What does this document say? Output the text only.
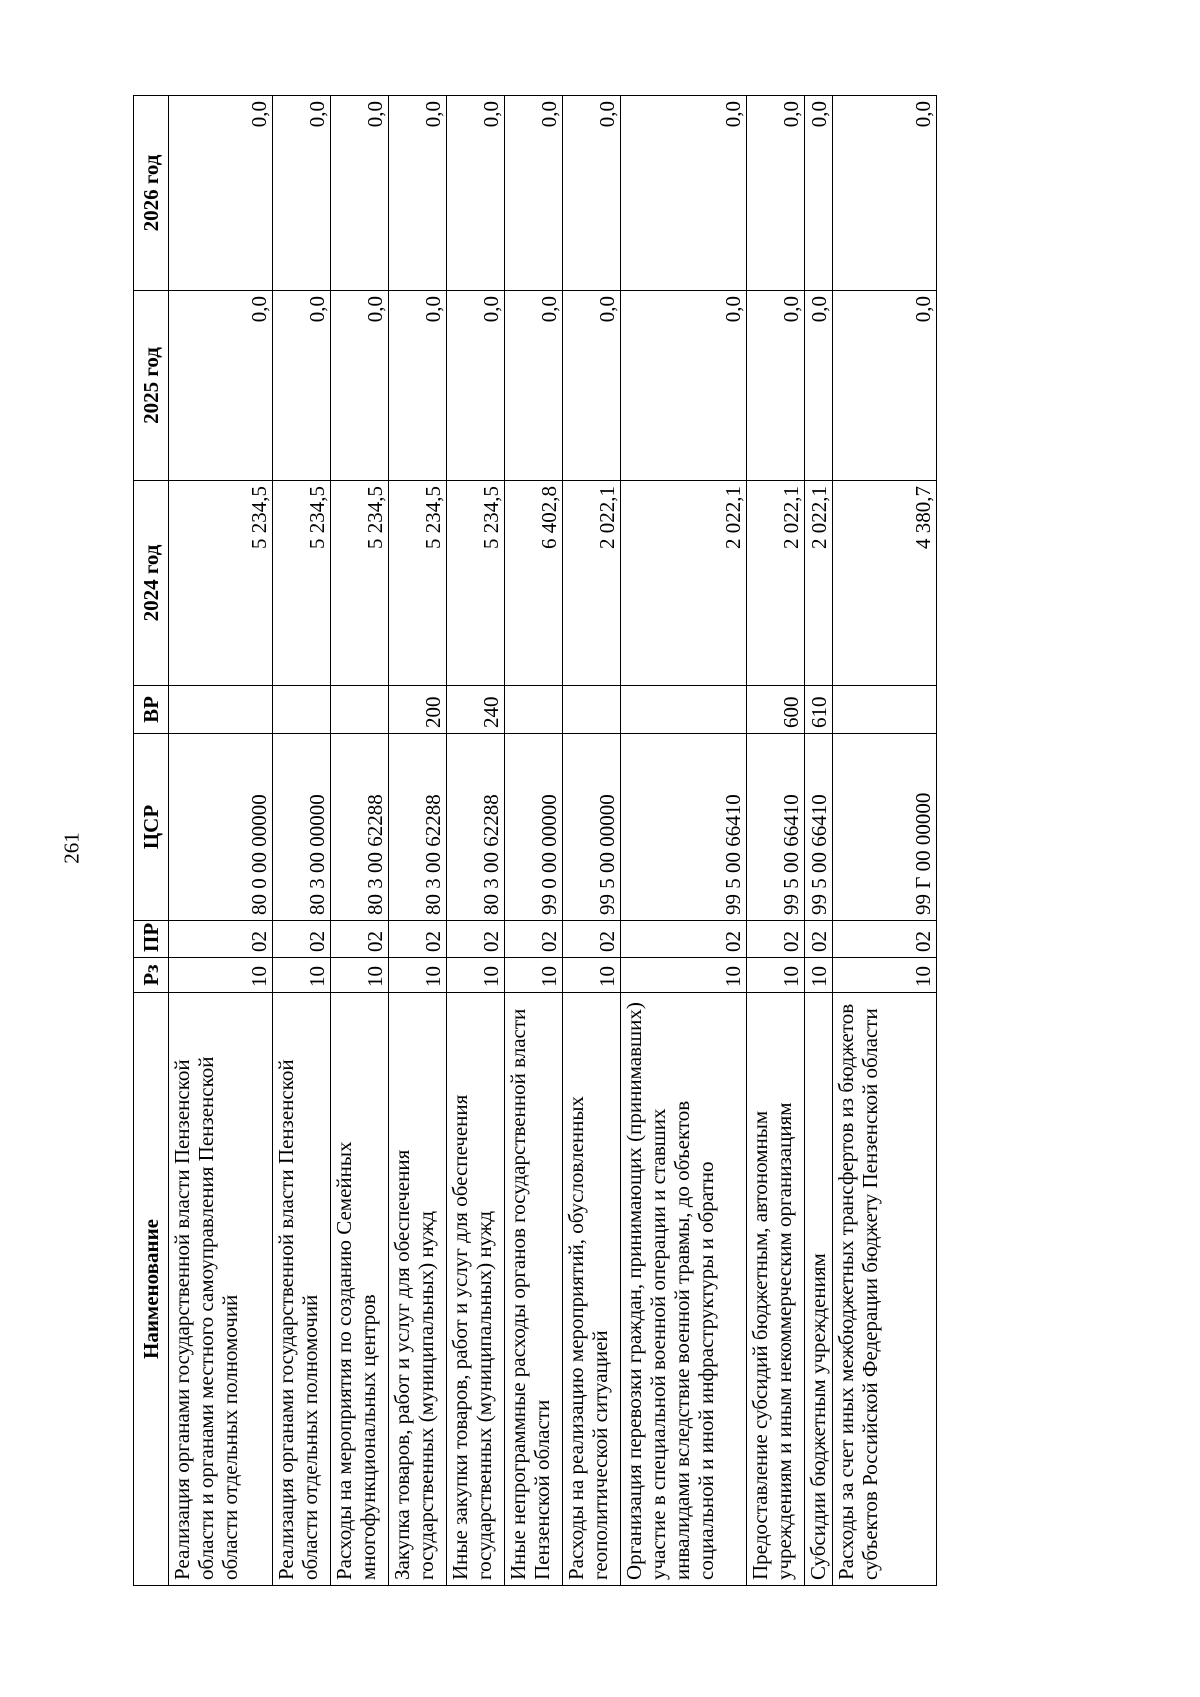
261
Наименование	Рз	ПР	ЦСР	ВР	2024 год	2025 год	2026 год
Реализация органами государственной власти Пензенской области и органами местного самоуправления Пензенской области отдельных полномочий	10	02	80 0 00 00000		5 234,5	0,0	0,0
Реализация органами государственной власти Пензенской области отдельных полномочий	10	02	80 3 00 00000		5 234,5	0,0	0,0
Расходы на мероприятия по созданию Семейных многофункциональных центров	10	02	80 3 00 62288		5 234,5	0,0	0,0
Закупка товаров, работ и услуг для обеспечения государственных (муниципальных) нужд	10	02	80 3 00 62288	200	5 234,5	0,0	0,0
Иные закупки товаров, работ и услуг для обеспечения государственных (муниципальных) нужд	10	02	80 3 00 62288	240	5 234,5	0,0	0,0
Иные непрограммные расходы органов государственной власти Пензенской области	10	02	99 0 00 00000		6 402,8	0,0	0,0
Расходы на реализацию мероприятий, обусловленных геополитической ситуацией	10	02	99 5 00 00000		2 022,1	0,0	0,0
Организация перевозки граждан, принимающих (принимавших) участие в специальной военной операции и ставших инвалидами вследствие военной травмы, до объектов социальной и иной инфраструктуры и обратно	10	02	99 5 00 66410		2 022,1	0,0	0,0
Предоставление субсидий бюджетным, автономным учреждениям и иным некоммерческим организациям	10	02	99 5 00 66410	600	2 022,1	0,0	0,0
Субсидии бюджетным учреждениям	10	02	99 5 00 66410	610	2 022,1	0,0	0,0
Расходы за счет иных межбюджетных трансфертов из бюджетов субъектов Российской Федерации бюджету Пензенской области	10	02	99 Г 00 00000		4 380,7	0,0	0,0
